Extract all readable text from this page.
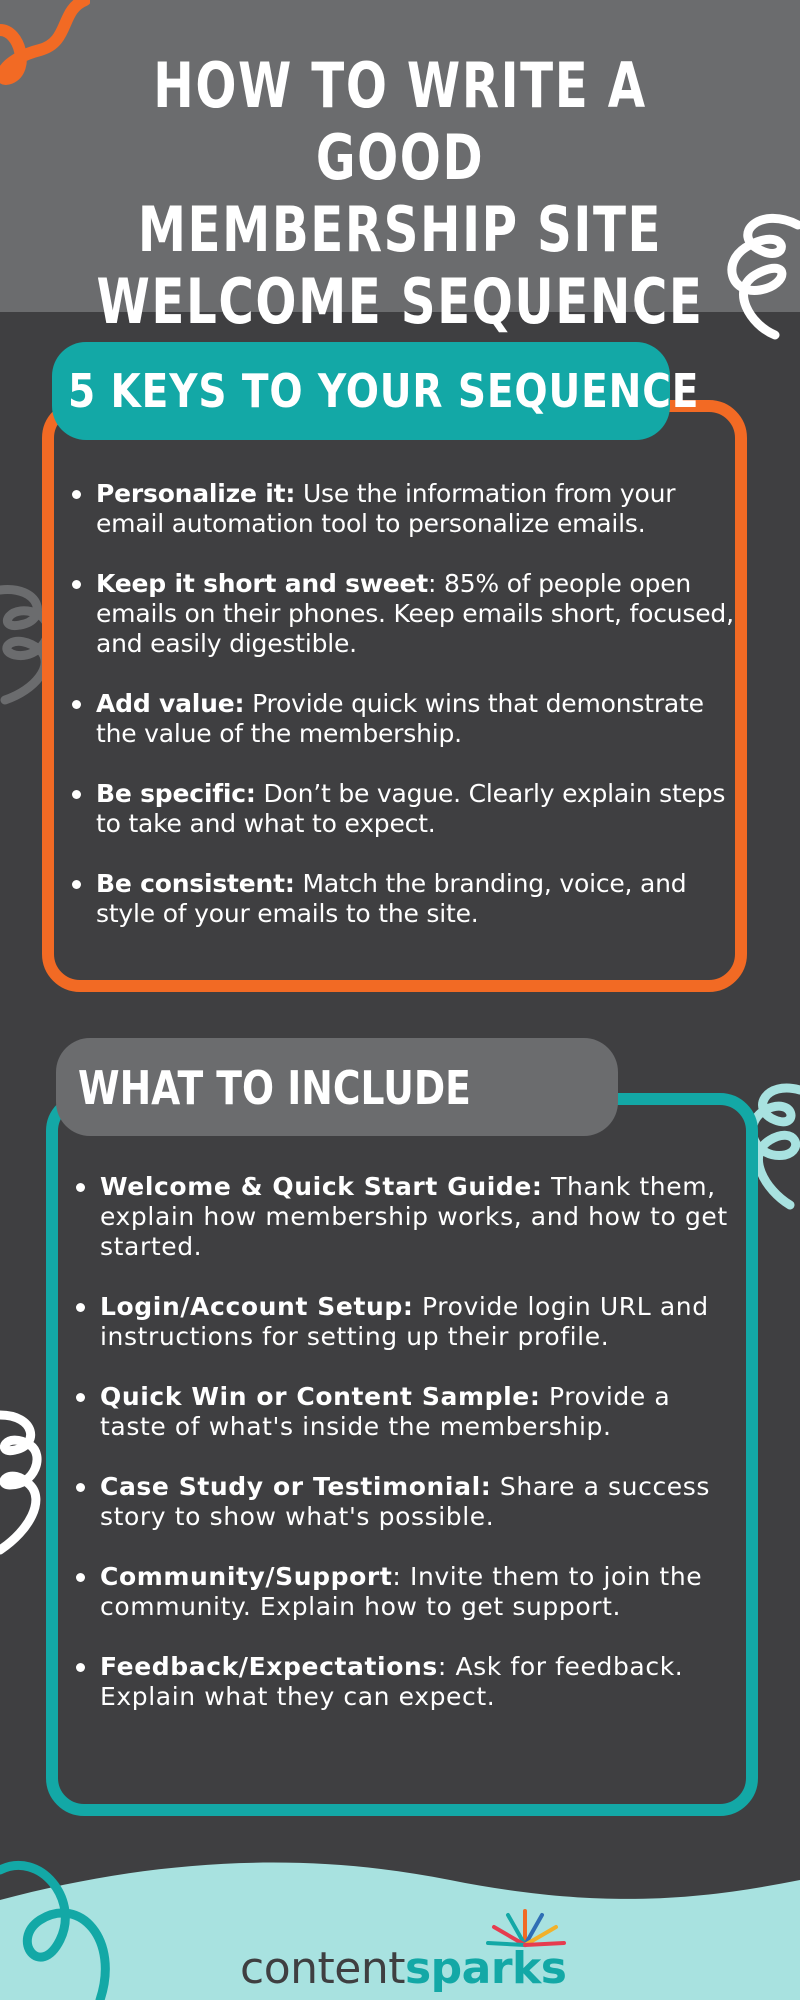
HOW TO WRITE A GOOD
MEMBERSHIP SITE
WELCOME SEQUENCE
5 KEYS TO YOUR SEQUENCE
Personalize it: Use the information from your email automation tool to personalize emails.
Keep it short and sweet: 85% of people open emails on their phones. Keep emails short, focused, and easily digestible.
Add value: Provide quick wins that demonstrate the value of the membership.
Be specific: Don’t be vague. Clearly explain steps to take and what to expect.
Be consistent: Match the branding, voice, and style of your emails to the site.
WHAT TO INCLUDE
Welcome & Quick Start Guide: Thank them, explain how membership works, and how to get started.
Login/Account Setup: Provide login URL and instructions for setting up their profile.
Quick Win or Content Sample: Provide a taste of what's inside the membership.
Case Study or Testimonial: Share a success story to show what's possible.
Community/Support: Invite them to join the community. Explain how to get support.
Feedback/Expectations: Ask for feedback. Explain what they can expect.
contentsparks
